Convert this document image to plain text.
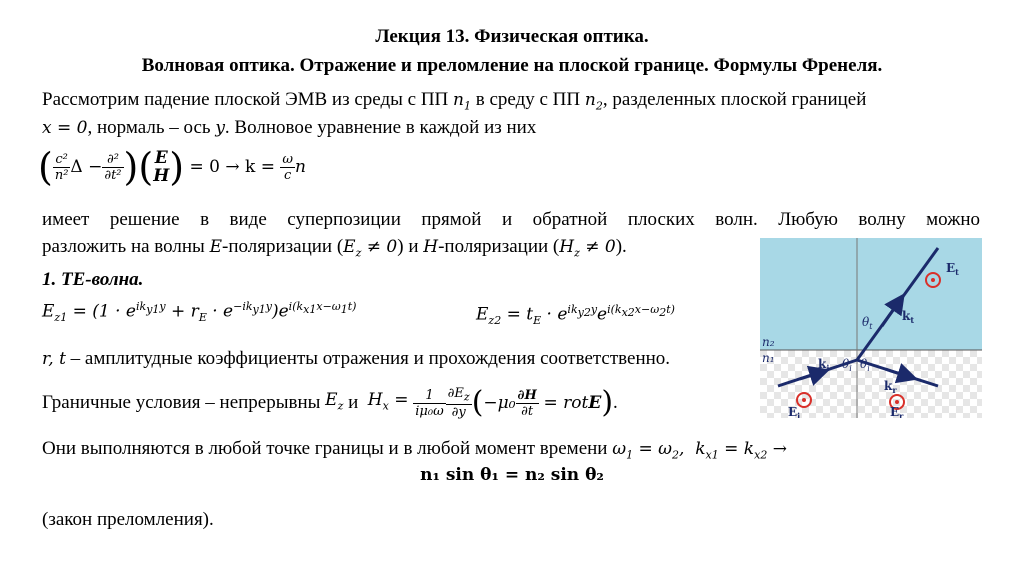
Лекция 13. Физическая оптика.
Волновая оптика. Отражение и преломление на плоской границе. Формулы Френеля.
Рассмотрим падение плоской ЭМВ из среды с ПП $n_1$ в среду с ПП $n_2$, разделенных плоской границей
x = 0, нормаль – ось y. Волновое уравнение в каждой из них
( $\frac{\text{c²}}{\text{n²}}$ $\Delta - \frac{\text{∂²}}{\text{∂t²}}$ )( E
H ) = $0 \to k = \frac{\omega}{c}$ n
имеет решение в виде суперпозиции прямой и обратной плоских волн. Любую волну можно
разложить на волны E-поляризации $(E_z \ne 0)$ и H-поляризации $(H_z \ne 0)$.
1. ТЕ-волна.
$E_{z1} = (1 \cdot e^{ik_{y1}y} + r_E \cdot e^{-ik_{y1}y})e^{i(k_{x1}x-\omega_1t)}$	$E_{z2} = t_E \cdot e^{ik_{y2}y}e^{i(k_{x2}x-\omega_2t)}$
r, t – амплитудные коэффициенты отражения и прохождения соответственно.
Граничные условия – непрерывны
$E_z$ и
$H_x$ =
$\frac{1}{\text{iμ₀ω}} \frac{\partial E_z}{\partial y}$ ( $-\mu_0 \frac{\partial H}{\partial t}$
= rot E ) .
Они выполняются в любой точке границы и в любой момент времени $\omega_1 = \omega_2$,  $k_{x1} = k_{x2}$ →
n₁ sin θ₁ = n₂ sin θ₂
(закон преломления).
n₂
n₁
$E_t$
$k_t$
$\theta_t$
$\theta_i$ $\theta_i$
$k_i$
$k_r$
$E_i$	$E_r$
